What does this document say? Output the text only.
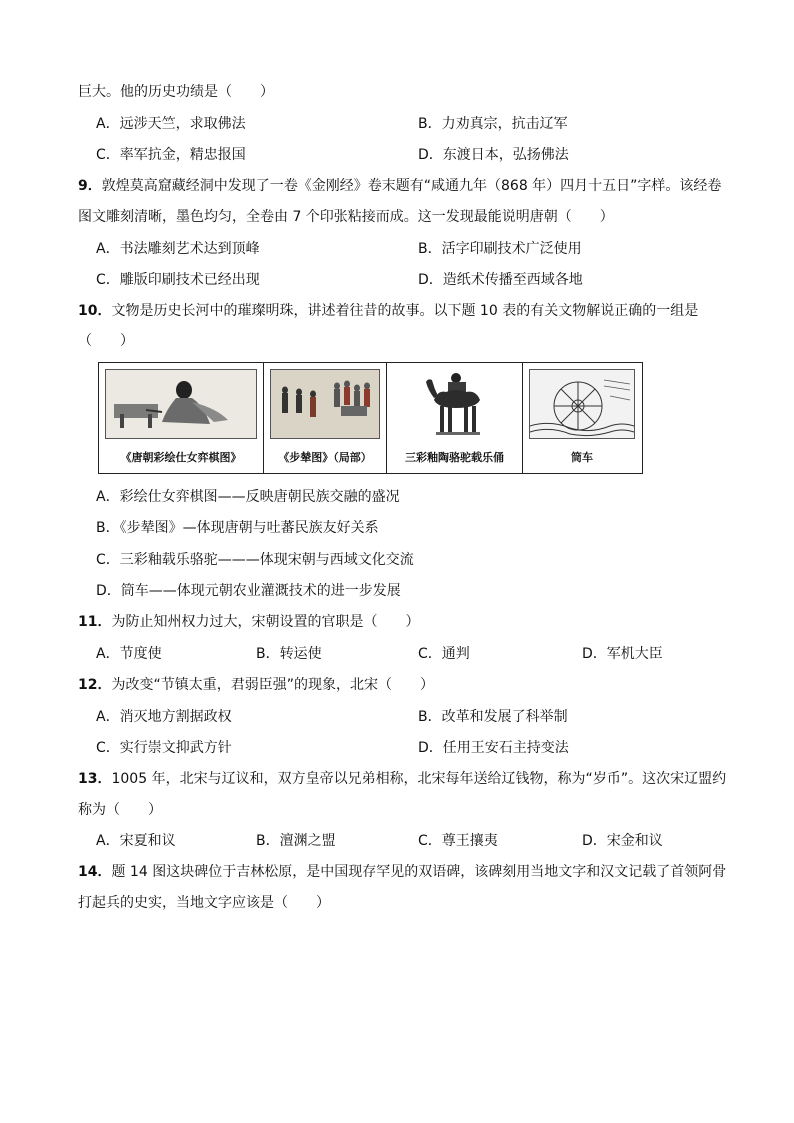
巨大。他的历史功绩是（　　）
A．远涉天竺，求取佛法	B．力劝真宗，抗击辽军
C．率军抗金，精忠报国	D．东渡日本，弘扬佛法
9．敦煌莫高窟藏经洞中发现了一卷《金刚经》卷末题有“咸通九年（868 年）四月十五日”字样。该经卷
图文雕刻清晰，墨色均匀，全卷由 7 个印张粘接而成。这一发现最能说明唐朝（　　）
A．书法雕刻艺术达到顶峰	B．活字印刷技术广泛使用
C．雕版印刷技术已经出现	D．造纸术传播至西域各地
10．文物是历史长河中的璀璨明珠，讲述着往昔的故事。以下题 10 表的有关文物解说正确的一组是
（　　）
《唐朝彩绘仕女弈棋图》	《步辇图》（局部）	三彩釉陶骆驼载乐俑	筒车
A．彩绘仕女弈棋图——反映唐朝民族交融的盛况
B．《步辇图》—体现唐朝与吐蕃民族友好关系
C．三彩釉载乐骆驼———体现宋朝与西域文化交流
D．筒车——体现元朝农业灌溉技术的进一步发展
11．为防止知州权力过大，宋朝设置的官职是（　　）
A．节度使	B．转运使	C．通判	D．军机大臣
12．为改变“节镇太重，君弱臣强”的现象，北宋（　　）
A．消灭地方割据政权	B．改革和发展了科举制
C．实行崇文抑武方针	D．任用王安石主持变法
13．1005 年，北宋与辽议和，双方皇帝以兄弟相称，北宋每年送给辽钱物，称为“岁币”。这次宋辽盟约
称为（　　）
A．宋夏和议	B．澶渊之盟	C．尊王攘夷	D．宋金和议
14．题 14 图这块碑位于吉林松原，是中国现存罕见的双语碑，该碑刻用当地文字和汉文记载了首领阿骨
打起兵的史实，当地文字应该是（　　）
